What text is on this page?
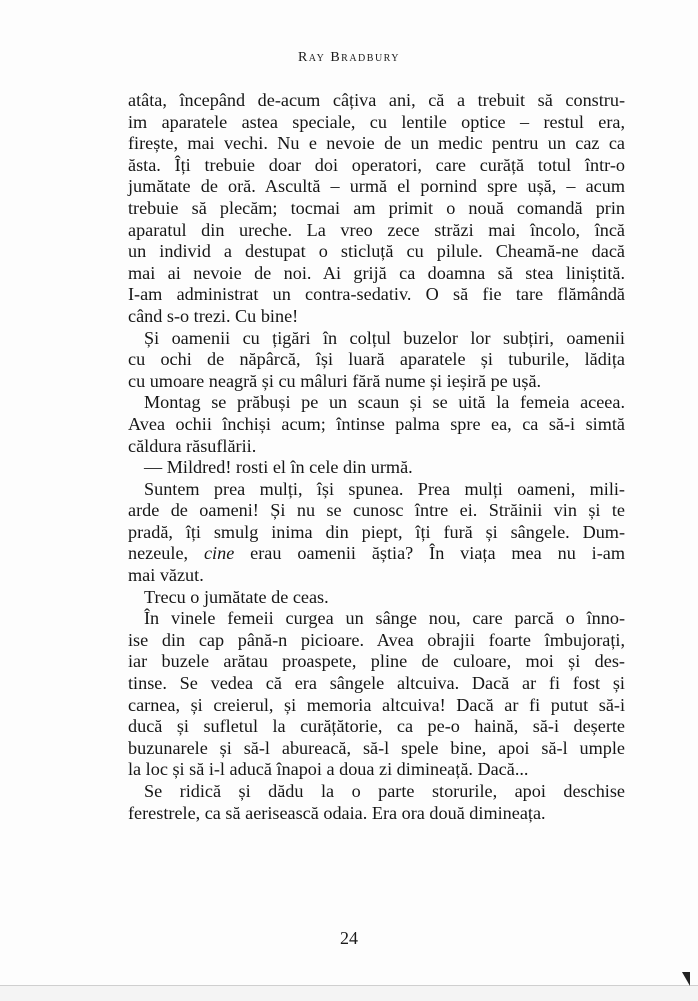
Ray Bradbury
atâta, începând de-acum câțiva ani, că a trebuit să constru-
im aparatele astea speciale, cu lentile optice – restul era,
firește, mai vechi. Nu e nevoie de un medic pentru un caz ca
ăsta. Îți trebuie doar doi operatori, care curăță totul într-o
jumătate de oră. Ascultă – urmă el pornind spre ușă, – acum
trebuie să plecăm; tocmai am primit o nouă comandă prin
aparatul din ureche. La vreo zece străzi mai încolo, încă
un individ a destupat o sticluță cu pilule. Cheamă-ne dacă
mai ai nevoie de noi. Ai grijă ca doamna să stea liniștită.
I-am administrat un contra-sedativ. O să fie tare flămândă
când s-o trezi. Cu bine!
Și oamenii cu țigări în colțul buzelor lor subțiri, oamenii
cu ochi de năpârcă, își luară aparatele și tuburile, lădița
cu umoare neagră și cu mâluri fără nume și ieșiră pe ușă.
Montag se prăbuși pe un scaun și se uită la femeia aceea.
Avea ochii închiși acum; întinse palma spre ea, ca să-i simtă
căldura răsuflării.
— Mildred! rosti el în cele din urmă.
Suntem prea mulți, își spunea. Prea mulți oameni, mili-
arde de oameni! Și nu se cunosc între ei. Străinii vin și te
pradă, îți smulg inima din piept, îți fură și sângele. Dum-
nezeule, cine erau oamenii ăștia? În viața mea nu i-am
mai văzut.
Trecu o jumătate de ceas.
În vinele femeii curgea un sânge nou, care parcă o înno-
ise din cap până-n picioare. Avea obrajii foarte îmbujorați,
iar buzele arătau proaspete, pline de culoare, moi și des-
tinse. Se vedea că era sângele altcuiva. Dacă ar fi fost și
carnea, și creierul, și memoria altcuiva! Dacă ar fi putut să-i
ducă și sufletul la curățătorie, ca pe-o haină, să-i deșerte
buzunarele și să-l abureacă, să-l spele bine, apoi să-l umple
la loc și să i-l aducă înapoi a doua zi dimineață. Dacă...
Se ridică și dădu la o parte storurile, apoi deschise
ferestrele, ca să aerisească odaia. Era ora două dimineața.
24
